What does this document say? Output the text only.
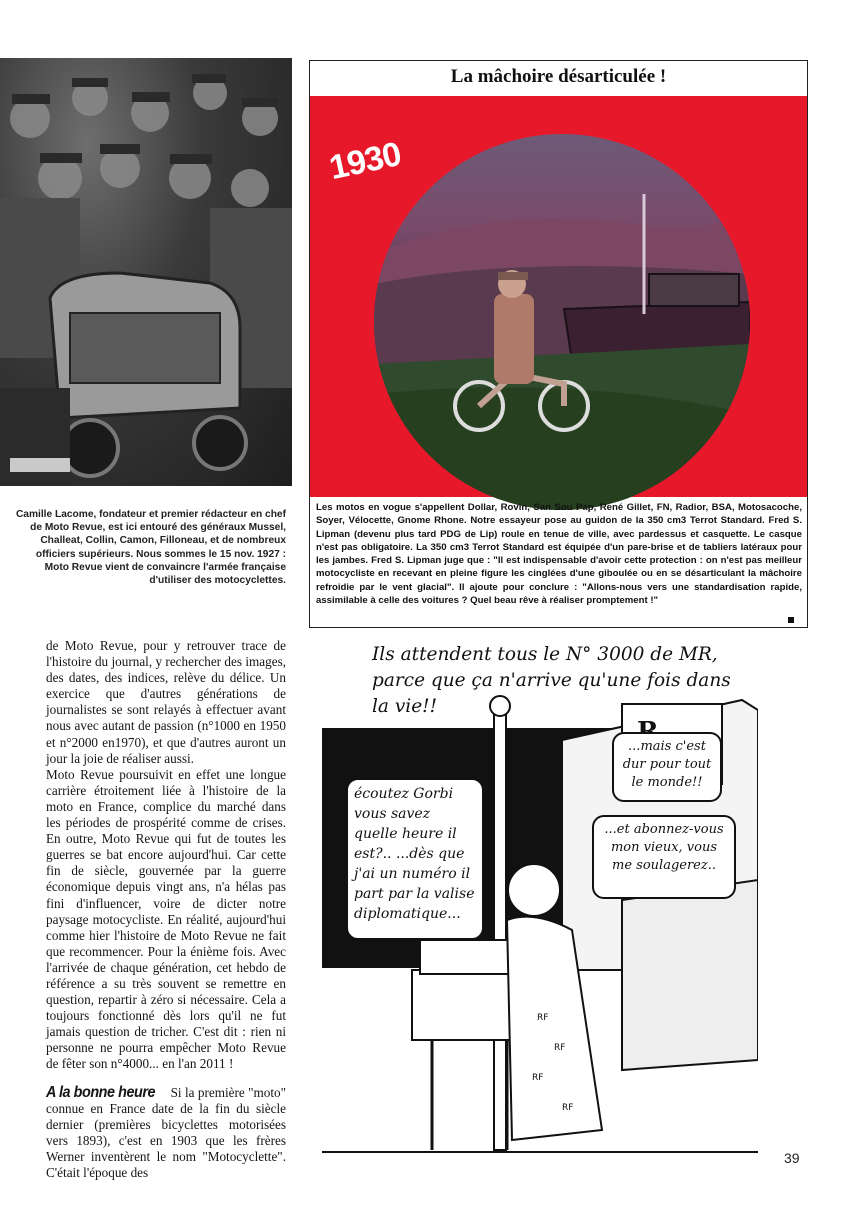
Camille Lacome, fondateur et premier rédacteur en chef de Moto Revue, est ici entouré des généraux Mussel, Challeat, Collin, Camon, Filloneau, et de nombreux officiers supérieurs. Nous sommes le 15 nov. 1927 : Moto Revue vient de convaincre l'armée française d'utiliser des motocyclettes.
La mâchoire désarticulée !
1930
Les motos en vogue s'appellent Dollar, Rovin, San Sou Pap, René Gillet, FN, Radior, BSA, Motosacoche, Soyer, Vélocette, Gnome Rhone. Notre essayeur pose au guidon de la 350 cm3 Terrot Standard. Fred S. Lipman (devenu plus tard PDG de Lip) roule en tenue de ville, avec pardessus et casquette. Le casque n'est pas obligatoire. La 350 cm3 Terrot Standard est équipée d'un pare-brise et de tabliers latéraux pour les jambes. Fred S. Lipman juge que : "Il est indispensable d'avoir cette protection : on n'est pas meilleur motocycliste en recevant en pleine figure les cinglées d'une giboulée ou en se désarticulant la mâchoire refroidie par le vent glacial". Il ajoute pour conclure : "Allons-nous vers une standardisation rapide, assimilable à celle des voitures ? Quel beau rêve à réaliser promptement !"

de Moto Revue, pour y retrouver trace de l'histoire du journal, y rechercher des images, des dates, des indices, relève du délice. Un exercice que d'autres générations de journalistes se sont relayés à effectuer avant nous avec autant de passion (n°1000 en 1950 et n°2000 en1970), et que d'autres auront un jour la joie de réaliser aussi.

Moto Revue poursuivit en effet une longue carrière étroitement liée à l'histoire de la moto en France, complice du marché dans les périodes de prospérité comme de crises. En outre, Moto Revue qui fut de toutes les guerres se bat encore aujourd'hui. Car cette fin de siècle, gouvernée par la guerre économique depuis vingt ans, n'a hélas pas fini d'influencer, voire de dicter notre paysage motocycliste. En réalité, aujourd'hui comme hier l'histoire de Moto Revue ne fait que recommencer. Pour la énième fois. Avec l'arrivée de chaque génération, cet hebdo de référence a su très souvent se remettre en question, repartir à zéro si nécessaire. Cela a toujours fonctionné dès lors qu'il ne fut jamais question de tricher. C'est dit : rien ni personne ne pourra empêcher Moto Revue de fêter son n°4000... en l'an 2011 !

A la bonne heure Si la première "moto" connue en France date de la fin du siècle dernier (premières bicyclettes motorisées vers 1893), c'est en 1903 que les frères Werner inventèrent le nom "Motocyclette". C'était l'époque des

RF
RF
RF
RF
Ils attendent tous le N° 3000 de MR, parce que ça n'arrive qu'une fois dans la vie!!
...mais c'est dur pour tout le monde!!
écoutez Gorbi vous savez quelle heure il est?.. ...dès que j'ai un numéro il part par la valise diplomatique...
...et abonnez-vous mon vieux, vous me soulagerez..
39
